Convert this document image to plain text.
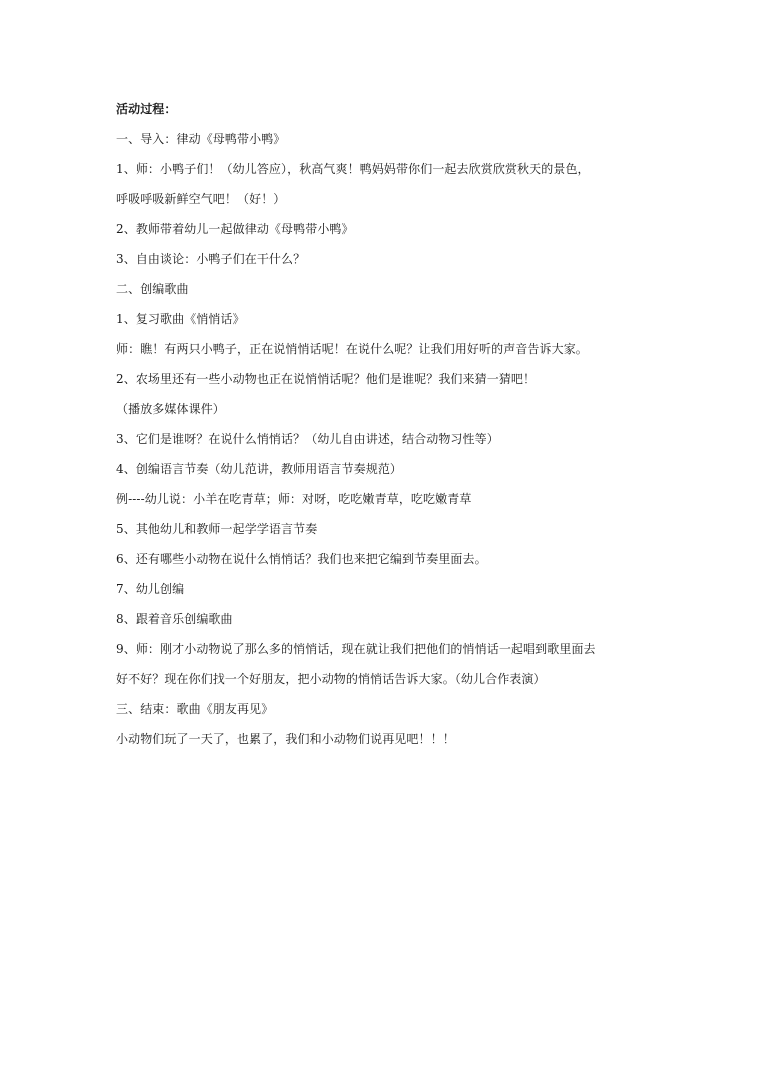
活动过程：
一、导入：律动《母鸭带小鸭》
1、师：小鸭子们！（幼儿答应），秋高气爽！鸭妈妈带你们一起去欣赏欣赏秋天的景色，
呼吸呼吸新鲜空气吧！（好！）
2、教师带着幼儿一起做律动《母鸭带小鸭》
3、自由谈论：小鸭子们在干什么？
二、创编歌曲
1、复习歌曲《悄悄话》
师：瞧！有两只小鸭子，正在说悄悄话呢！在说什么呢？让我们用好听的声音告诉大家。
2、农场里还有一些小动物也正在说悄悄话呢？他们是谁呢？我们来猜一猜吧！
（播放多媒体课件）
3、它们是谁呀？在说什么悄悄话？（幼儿自由讲述，结合动物习性等）
4、创编语言节奏（幼儿范讲，教师用语言节奏规范）
例----幼儿说：小羊在吃青草；师：对呀，吃吃嫩青草，吃吃嫩青草
5、其他幼儿和教师一起学学语言节奏
6、还有哪些小动物在说什么悄悄话？我们也来把它编到节奏里面去。
7、幼儿创编
8、跟着音乐创编歌曲
9、师：刚才小动物说了那么多的悄悄话，现在就让我们把他们的悄悄话一起唱到歌里面去
好不好？现在你们找一个好朋友，把小动物的悄悄话告诉大家。（幼儿合作表演）
三、结束：歌曲《朋友再见》
小动物们玩了一天了，也累了，我们和小动物们说再见吧！！！
